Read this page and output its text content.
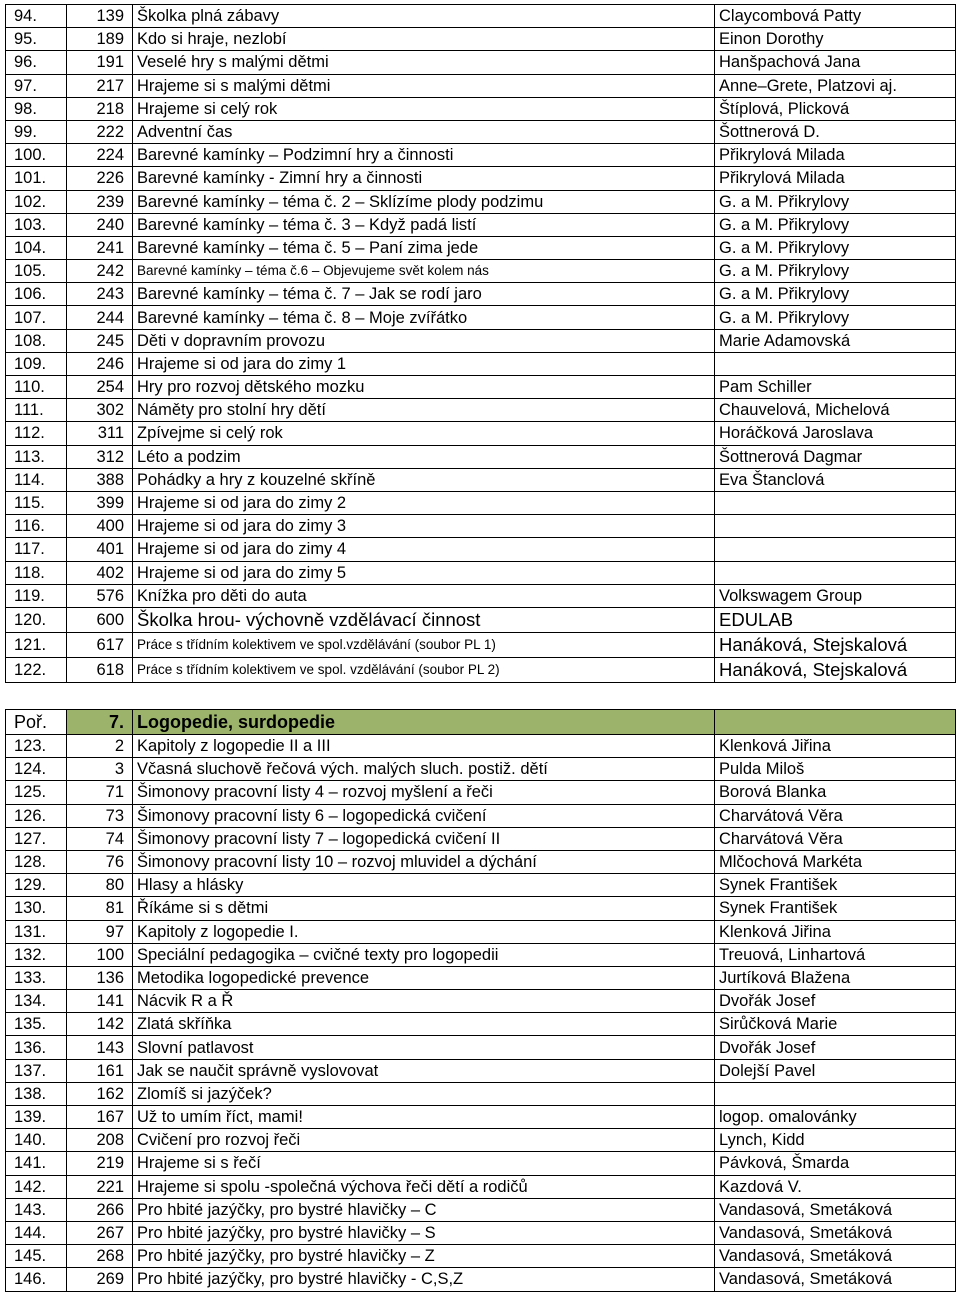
94.	139	Školka plná zábavy	Claycombová Patty
95.	189	Kdo si hraje, nezlobí	Einon Dorothy
96.	191	Veselé hry s malými dětmi	Hanšpachová Jana
97.	217	Hrajeme si s malými dětmi	Anne–Grete, Platzovi aj.
98.	218	Hrajeme si celý rok	Štíplová, Plicková
99.	222	Adventní čas	Šottnerová D.
100.	224	Barevné kamínky – Podzimní hry a činnosti	Přikrylová Milada
101.	226	Barevné kamínky - Zimní hry a činnosti	Přikrylová Milada
102.	239	Barevné kamínky – téma č. 2 – Sklízíme plody podzimu	G. a M. Přikrylovy
103.	240	Barevné kamínky – téma č. 3 – Když padá listí	G. a M. Přikrylovy
104.	241	Barevné kamínky – téma č. 5 – Paní zima jede	G. a M. Přikrylovy
105.	242	Barevné kamínky – téma č.6 – Objevujeme svět kolem nás	G. a M. Přikrylovy
106.	243	Barevné kamínky – téma č. 7 – Jak se rodí jaro	G. a M. Přikrylovy
107.	244	Barevné kamínky – téma č. 8 – Moje zvířátko	G. a M. Přikrylovy
108.	245	Děti v dopravním provozu	Marie Adamovská
109.	246	Hrajeme si od jara do zimy 1	
110.	254	Hry pro rozvoj dětského mozku	Pam Schiller
111.	302	Náměty pro stolní hry dětí	Chauvelová, Michelová
112.	311	Zpívejme si celý rok	Horáčková Jaroslava
113.	312	Léto a podzim	Šottnerová Dagmar
114.	388	Pohádky a hry z kouzelné skříně	Eva Štanclová
115.	399	Hrajeme si od jara do zimy 2	
116.	400	Hrajeme si od jara do zimy 3	
117.	401	Hrajeme si od jara do zimy 4	
118.	402	Hrajeme si od jara do zimy 5	
119.	576	Knížka pro děti do auta	Volkswagem Group
120.	600	Školka hrou- výchovně vzdělávací činnost	EDULAB
121.	617	Práce s třídním kolektivem ve spol.vzdělávání (soubor PL 1)	Hanáková, Stejskalová
122.	618	Práce s třídním kolektivem ve spol. vzdělávání (soubor PL 2)	Hanáková, Stejskalová
Poř.	7.	Logopedie, surdopedie	
123.	2	Kapitoly z logopedie II a III	Klenková Jiřina
124.	3	Včasná sluchově řečová vých. malých sluch. postiž. dětí	Pulda Miloš
125.	71	Šimonovy pracovní listy 4 – rozvoj myšlení a řeči	Borová Blanka
126.	73	Šimonovy pracovní listy 6 – logopedická cvičení	Charvátová Věra
127.	74	Šimonovy pracovní listy 7 – logopedická cvičení II	Charvátová Věra
128.	76	Šimonovy pracovní listy 10 – rozvoj mluvidel a dýchání	Mlčochová Markéta
129.	80	Hlasy a hlásky	Synek František
130.	81	Říkáme si s dětmi	Synek František
131.	97	Kapitoly z logopedie I.	Klenková Jiřina
132.	100	Speciální pedagogika – cvičné texty pro logopedii	Treuová, Linhartová
133.	136	Metodika logopedické prevence	Jurtíková Blažena
134.	141	Nácvik R a Ř	Dvořák Josef
135.	142	Zlatá skříňka	Sirůčková Marie
136.	143	Slovní patlavost	Dvořák Josef
137.	161	Jak se naučit správně vyslovovat	Dolejší Pavel
138.	162	Zlomíš si jazýček?	
139.	167	Už to umím říct, mami!	logop. omalovánky
140.	208	Cvičení pro rozvoj řeči	Lynch, Kidd
141.	219	Hrajeme si s řečí	Pávková, Šmarda
142.	221	Hrajeme si spolu -společná výchova řeči dětí a rodičů	Kazdová V.
143.	266	Pro hbité jazýčky, pro bystré hlavičky – C	Vandasová, Smetáková
144.	267	Pro hbité jazýčky, pro bystré hlavičky – S	Vandasová, Smetáková
145.	268	Pro hbité jazýčky, pro bystré hlavičky – Z	Vandasová, Smetáková
146.	269	Pro hbité jazýčky, pro bystré hlavičky - C,S,Z	Vandasová, Smetáková
